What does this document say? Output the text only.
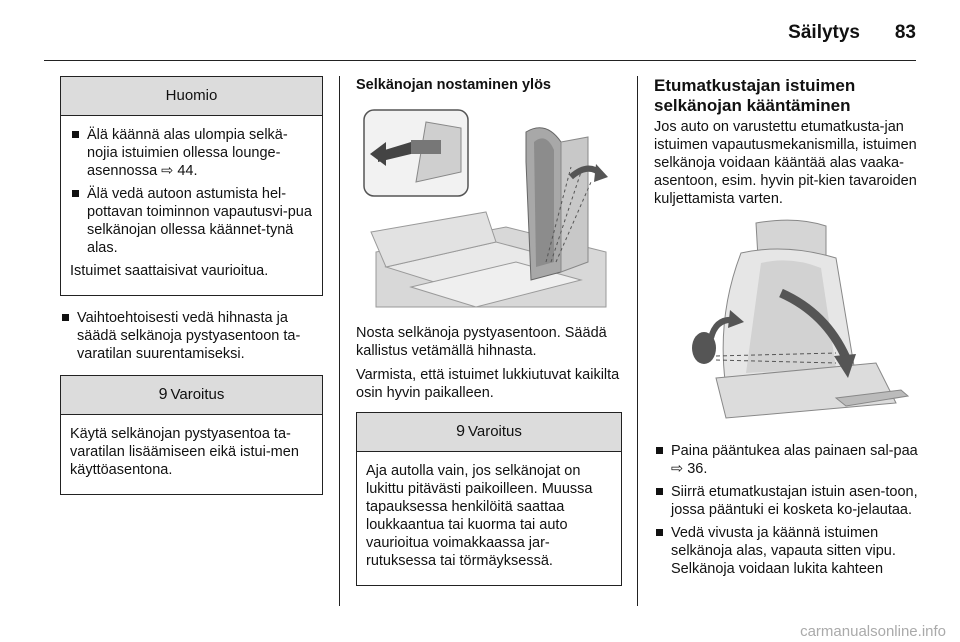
Säilytys 83
Huomio
Älä käännä alas ulompia selkä-nojia istuimien ollessa lounge-asennossa ⇨ 44.
Älä vedä autoon astumista hel-pottavan toiminnon vapautusvi-pua selkänojan ollessa käännet-tynä alas.

Istuimet saattaisivat vaurioitua.

Vaihtoehtoisesti vedä hihnasta ja säädä selkänoja pystyasentoon ta-varatilan suurentamiseksi.
9 Varoitus

Käytä selkänojan pystyasentoa ta-varatilan lisäämiseen eikä istui-men käyttöasentona.

Selkänojan nostaminen ylös

Nosta selkänoja pystyasentoon. Säädä kallistus vetämällä hihnasta.

Varmista, että istuimet lukkiutuvat kaikilta osin hyvin paikalleen.

9 Varoitus

Aja autolla vain, jos selkänojat on lukittu pitävästi paikoilleen. Muussa tapauksessa henkilöitä saattaa loukkaantua tai kuorma tai auto vaurioitua voimakkaassa jar-rutuksessa tai törmäyksessä.

Etumatkustajan istuimen selkänojan kääntäminen

Jos auto on varustettu etumatkusta-jan istuimen vapautusmekanismilla, istuimen selkänoja voidaan kääntää alas vaaka-asentoon, esim. hyvin pit-kien tavaroiden kuljettamista varten.

Paina pääntukea alas painaen sal-paa ⇨ 36.
Siirrä etumatkustajan istuin asen-toon, jossa pääntuki ei kosketa ko-jelautaa.
Vedä vivusta ja käännä istuimen selkänoja alas, vapauta sitten vipu. Selkänoja voidaan lukita kahteen
carmanualsonline.info
